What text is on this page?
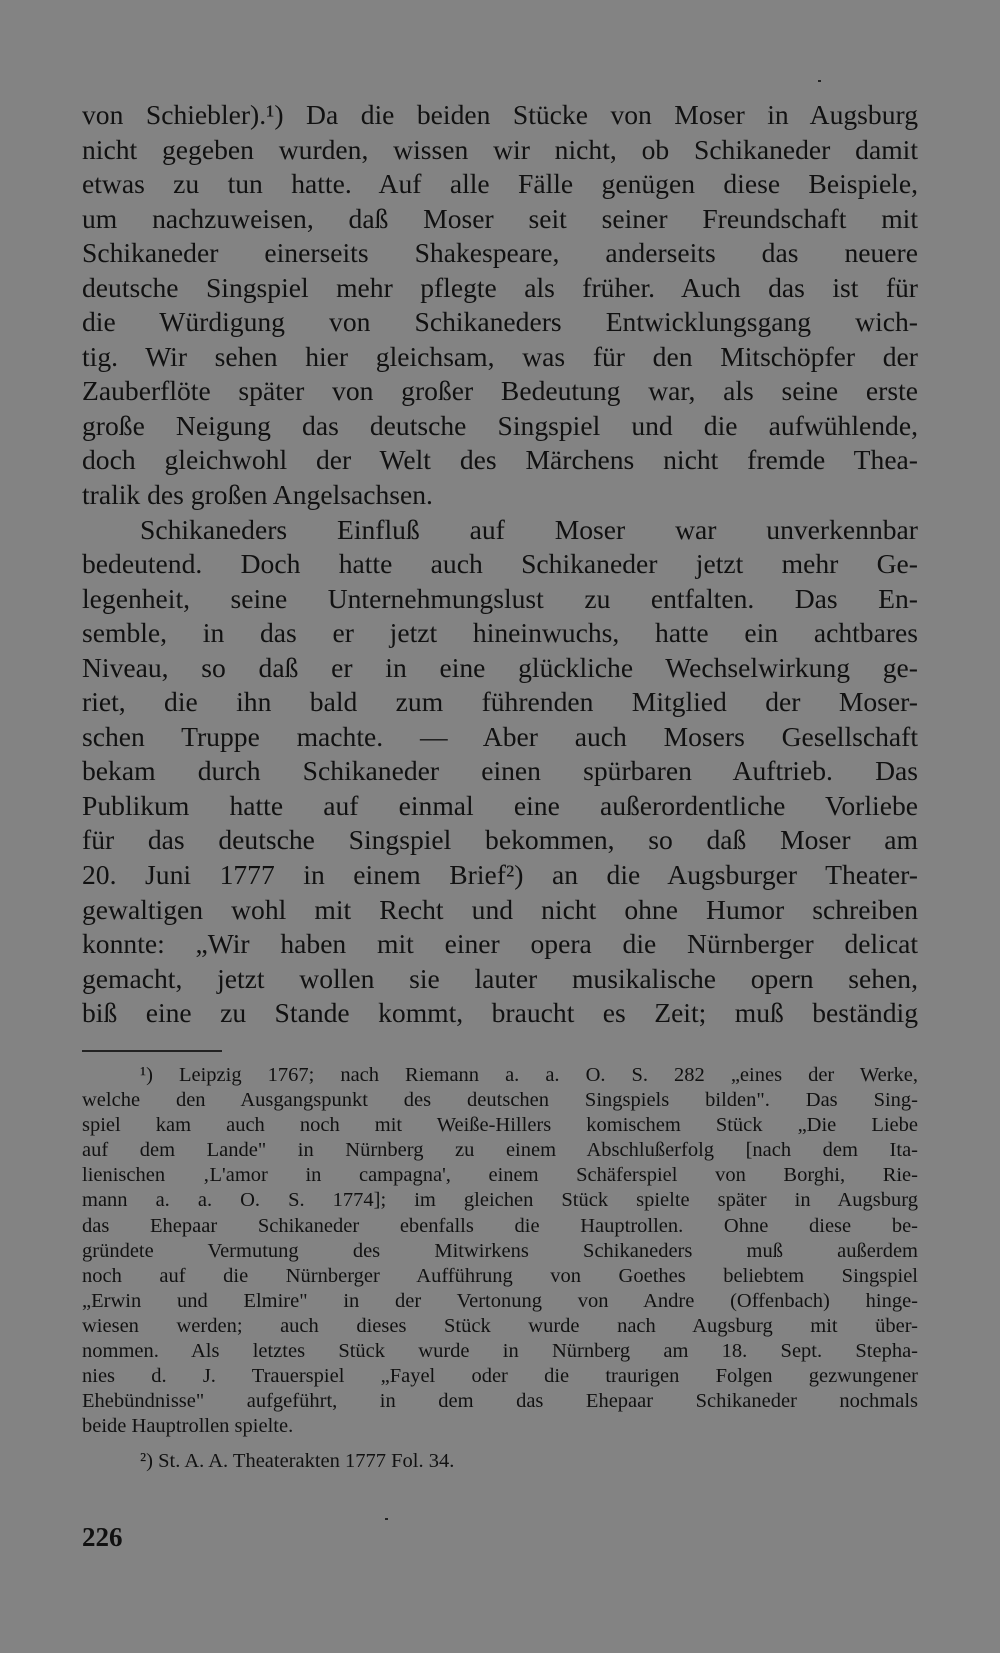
von Schiebler).¹) Da die beiden Stücke von Moser in Augsburg
nicht gegeben wurden, wissen wir nicht, ob Schikaneder damit
etwas zu tun hatte. Auf alle Fälle genügen diese Beispiele,
um nachzuweisen, daß Moser seit seiner Freundschaft mit
Schikaneder einerseits Shakespeare, anderseits das neuere
deutsche Singspiel mehr pflegte als früher. Auch das ist für
die Würdigung von Schikaneders Entwicklungsgang wich-
tig. Wir sehen hier gleichsam, was für den Mitschöpfer der
Zauberflöte später von großer Bedeutung war, als seine erste
große Neigung das deutsche Singspiel und die aufwühlende,
doch gleichwohl der Welt des Märchens nicht fremde Thea-
tralik des großen Angelsachsen.
Schikaneders Einfluß auf Moser war unverkennbar
bedeutend. Doch hatte auch Schikaneder jetzt mehr Ge-
legenheit, seine Unternehmungslust zu entfalten. Das En-
semble, in das er jetzt hineinwuchs, hatte ein achtbares
Niveau, so daß er in eine glückliche Wechselwirkung ge-
riet, die ihn bald zum führenden Mitglied der Moser-
schen Truppe machte. — Aber auch Mosers Gesellschaft
bekam durch Schikaneder einen spürbaren Auftrieb. Das
Publikum hatte auf einmal eine außerordentliche Vorliebe
für das deutsche Singspiel bekommen, so daß Moser am
20. Juni 1777 in einem Brief²) an die Augsburger Theater-
gewaltigen wohl mit Recht und nicht ohne Humor schreiben
konnte: „Wir haben mit einer opera die Nürnberger delicat
gemacht, jetzt wollen sie lauter musikalische opern sehen,
biß eine zu Stande kommt, braucht es Zeit; muß beständig
¹) Leipzig 1767; nach Riemann a. a. O. S. 282 „eines der Werke,
welche den Ausgangspunkt des deutschen Singspiels bilden". Das Sing-
spiel kam auch noch mit Weiße-Hillers komischem Stück „Die Liebe
auf dem Lande" in Nürnberg zu einem Abschlußerfolg [nach dem Ita-
lienischen ‚L'amor in campagna', einem Schäferspiel von Borghi, Rie-
mann a. a. O. S. 1774]; im gleichen Stück spielte später in Augsburg
das Ehepaar Schikaneder ebenfalls die Hauptrollen. Ohne diese be-
gründete Vermutung des Mitwirkens Schikaneders muß außerdem
noch auf die Nürnberger Aufführung von Goethes beliebtem Singspiel
„Erwin und Elmire" in der Vertonung von Andre (Offenbach) hinge-
wiesen werden; auch dieses Stück wurde nach Augsburg mit über-
nommen. Als letztes Stück wurde in Nürnberg am 18. Sept. Stepha-
nies d. J. Trauerspiel „Fayel oder die traurigen Folgen gezwungener
Ehebündnisse" aufgeführt, in dem das Ehepaar Schikaneder nochmals
beide Hauptrollen spielte.
²) St. A. A. Theaterakten 1777 Fol. 34.
226
